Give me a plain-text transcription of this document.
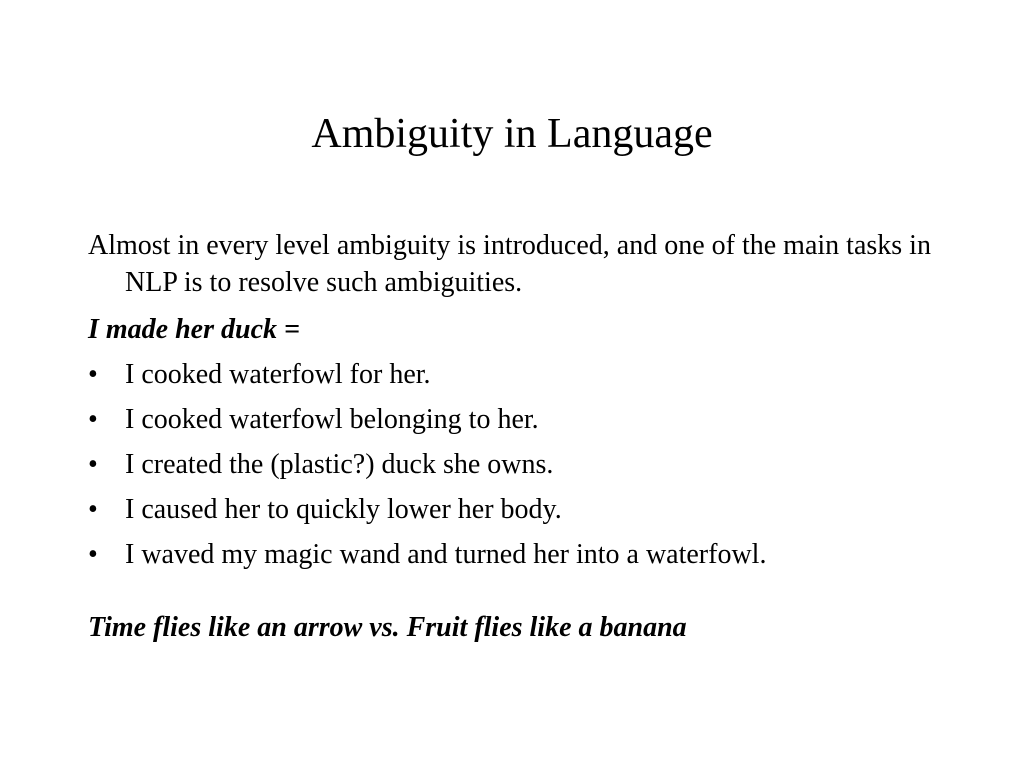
Ambiguity in Language

Almost in every level ambiguity is introduced, and one of the main tasks in NLP is to resolve such ambiguities.

I made her duck =

• I cooked waterfowl for her.
• I cooked waterfowl belonging to her.
• I created the (plastic?) duck she owns.
• I caused her to quickly lower her body.
• I waved my magic wand and turned her into a waterfowl.

Time flies like an arrow vs. Fruit flies like a banana
